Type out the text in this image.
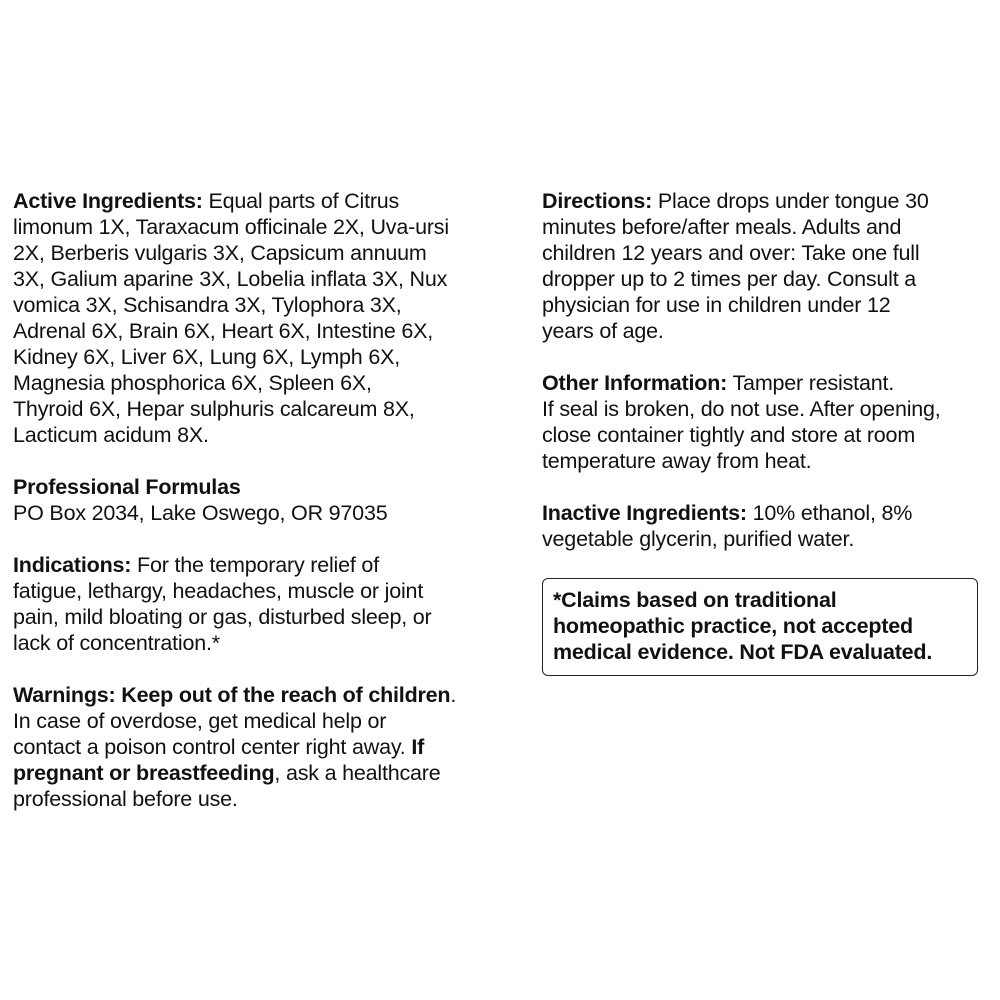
Active Ingredients: Equal parts of Citrus
limonum 1X, Taraxacum officinale 2X, Uva-ursi
2X, Berberis vulgaris 3X, Capsicum annuum
3X, Galium aparine 3X, Lobelia inflata 3X, Nux
vomica 3X, Schisandra 3X, Tylophora 3X,
Adrenal 6X, Brain 6X, Heart 6X, Intestine 6X,
Kidney 6X, Liver 6X, Lung 6X, Lymph 6X,
Magnesia phosphorica 6X, Spleen 6X,
Thyroid 6X, Hepar sulphuris calcareum 8X,
Lacticum acidum 8X.
Professional Formulas
PO Box 2034, Lake Oswego, OR 97035
Indications: For the temporary relief of
fatigue, lethargy, headaches, muscle or joint
pain, mild bloating or gas, disturbed sleep, or
lack of concentration.*
Warnings: Keep out of the reach of children.
In case of overdose, get medical help or
contact a poison control center right away. If
pregnant or breastfeeding, ask a healthcare
professional before use.
Directions: Place drops under tongue 30
minutes before/after meals. Adults and
children 12 years and over: Take one full
dropper up to 2 times per day. Consult a
physician for use in children under 12
years of age.
Other Information: Tamper resistant.
If seal is broken, do not use. After opening,
close container tightly and store at room
temperature away from heat.
Inactive Ingredients: 10% ethanol, 8%
vegetable glycerin, purified water.
*Claims based on traditional
homeopathic practice, not accepted
medical evidence. Not FDA evaluated.
